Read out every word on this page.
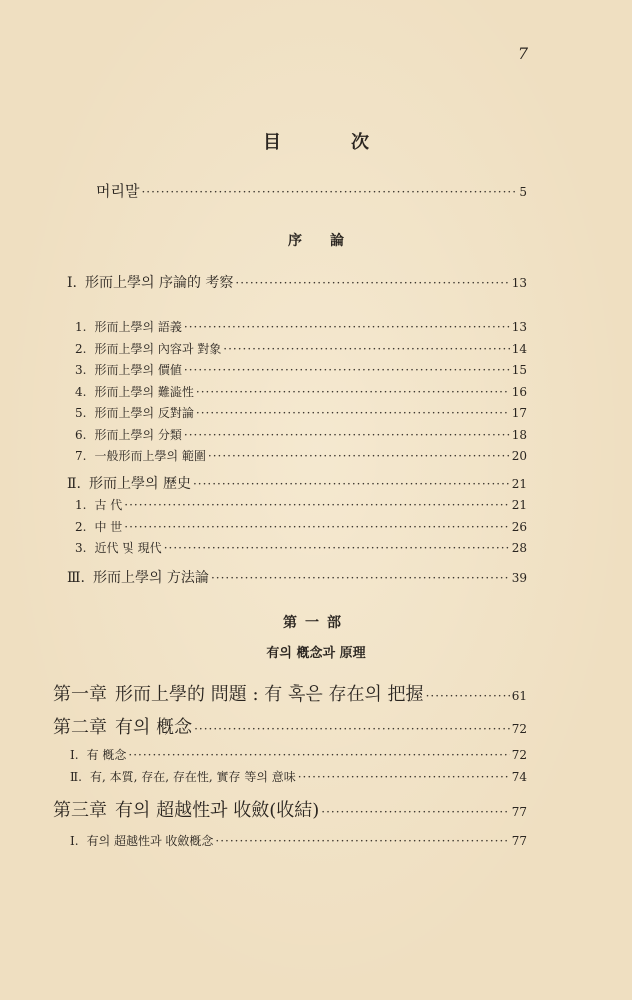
7
目次
머리말 ·····	5
序論
Ⅰ. 形而上學의 序論的 考察 ·····	13
1. 形而上學의 語義 ·····	13
2. 形而上學의 內容과 對象 ·····	14
3. 形而上學의 價値 ·····	15
4. 形而上學의 難澁性 ·····	16
5. 形而上學의 反對論 ·····	17
6. 形而上學의 分類 ·····	18
7. 一般形而上學의 範圍 ·····	20
Ⅱ. 形而上學의 歷史 ·····	21
1. 古 代 ·····	21
2. 中 世 ·····	26
3. 近代 및 現代 ·····	28
Ⅲ. 形而上學의 方法論 ·····	39
第一部
有의 槪念과 原理
第一章 形而上學的 問題 : 有 혹은 存在의 把握 ·····	61
第二章 有의 槪念 ·····	72
Ⅰ. 有 槪念 ·····	72
Ⅱ. 有, 本質, 存在, 存在性, 實存 等의 意味 ·····	74
第三章 有의 超越性과 收斂(收結) ·····	77
Ⅰ. 有의 超越性과 收斂槪念 ·····	77
